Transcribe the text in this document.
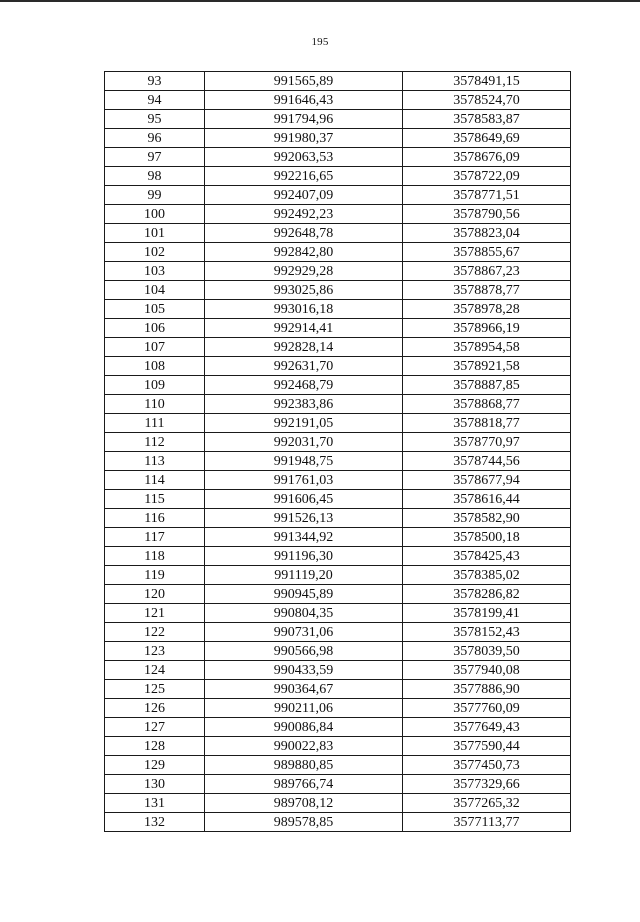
195
93	991565,89	3578491,15
94	991646,43	3578524,70
95	991794,96	3578583,87
96	991980,37	3578649,69
97	992063,53	3578676,09
98	992216,65	3578722,09
99	992407,09	3578771,51
100	992492,23	3578790,56
101	992648,78	3578823,04
102	992842,80	3578855,67
103	992929,28	3578867,23
104	993025,86	3578878,77
105	993016,18	3578978,28
106	992914,41	3578966,19
107	992828,14	3578954,58
108	992631,70	3578921,58
109	992468,79	3578887,85
110	992383,86	3578868,77
111	992191,05	3578818,77
112	992031,70	3578770,97
113	991948,75	3578744,56
114	991761,03	3578677,94
115	991606,45	3578616,44
116	991526,13	3578582,90
117	991344,92	3578500,18
118	991196,30	3578425,43
119	991119,20	3578385,02
120	990945,89	3578286,82
121	990804,35	3578199,41
122	990731,06	3578152,43
123	990566,98	3578039,50
124	990433,59	3577940,08
125	990364,67	3577886,90
126	990211,06	3577760,09
127	990086,84	3577649,43
128	990022,83	3577590,44
129	989880,85	3577450,73
130	989766,74	3577329,66
131	989708,12	3577265,32
132	989578,85	3577113,77
